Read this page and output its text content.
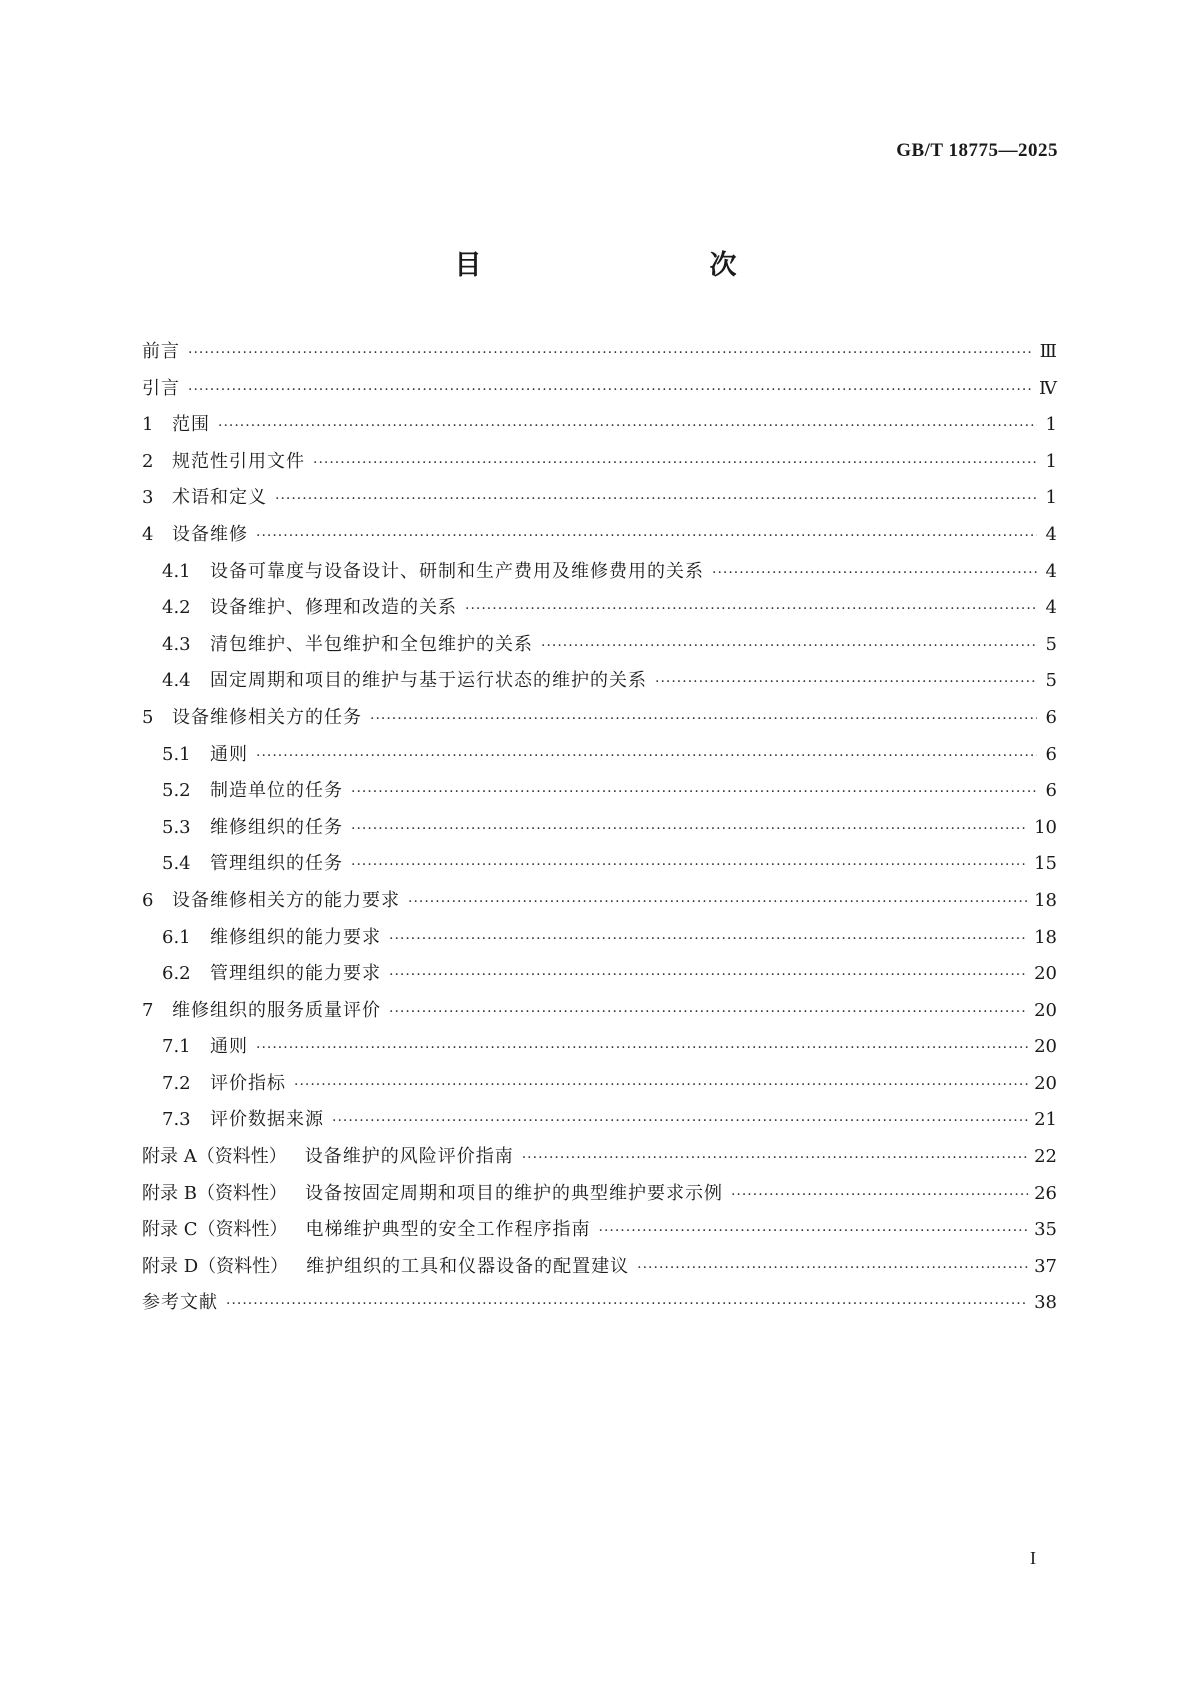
GB/T 18775—2025
目　　次
前言 ·····	Ⅲ
引言 ·····	Ⅳ
1	范围 ·····	1
2	规范性引用文件 ·····	1
3	术语和定义 ·····	1
4	设备维修 ·····	4
4.1	设备可靠度与设备设计、研制和生产费用及维修费用的关系 ·····	4
4.2	设备维护、修理和改造的关系 ·····	4
4.3	清包维护、半包维护和全包维护的关系 ·····	5
4.4	固定周期和项目的维护与基于运行状态的维护的关系 ·····	5
5	设备维修相关方的任务 ·····	6
5.1	通则 ·····	6
5.2	制造单位的任务 ·····	6
5.3	维修组织的任务 ·····	10
5.4	管理组织的任务 ·····	15
6	设备维修相关方的能力要求 ·····	18
6.1	维修组织的能力要求 ·····	18
6.2	管理组织的能力要求 ·····	20
7	维修组织的服务质量评价 ·····	20
7.1	通则 ·····	20
7.2	评价指标 ·····	20
7.3	评价数据来源 ·····	21
附录 A（资料性） 设备维护的风险评价指南 ·····	22
附录 B（资料性） 设备按固定周期和项目的维护的典型维护要求示例 ·····	26
附录 C（资料性） 电梯维护典型的安全工作程序指南 ·····	35
附录 D（资料性） 维护组织的工具和仪器设备的配置建议 ·····	37
参考文献 ·····	38
I
